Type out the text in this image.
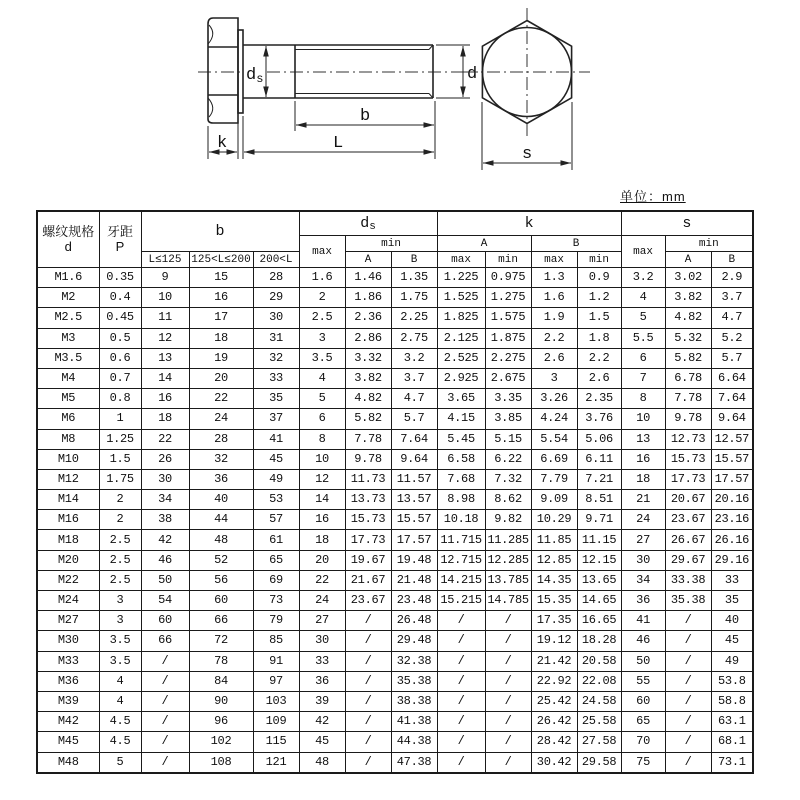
ds	d
b
k	L
s
单位：mm
螺纹规格
d	牙距
P	b			ds			k				s		
					max	min		A		B		max	min	
		L≤125	125<L≤200	200<L		A	B	max	min	max	min		A	B
M1.6	0.35	9	15	28	1.6	1.46	1.35	1.225	0.975	1.3	0.9	3.2	3.02	2.9
M2	0.4	10	16	29	2	1.86	1.75	1.525	1.275	1.6	1.2	4	3.82	3.7
M2.5	0.45	11	17	30	2.5	2.36	2.25	1.825	1.575	1.9	1.5	5	4.82	4.7
M3	0.5	12	18	31	3	2.86	2.75	2.125	1.875	2.2	1.8	5.5	5.32	5.2
M3.5	0.6	13	19	32	3.5	3.32	3.2	2.525	2.275	2.6	2.2	6	5.82	5.7
M4	0.7	14	20	33	4	3.82	3.7	2.925	2.675	3	2.6	7	6.78	6.64
M5	0.8	16	22	35	5	4.82	4.7	3.65	3.35	3.26	2.35	8	7.78	7.64
M6	1	18	24	37	6	5.82	5.7	4.15	3.85	4.24	3.76	10	9.78	9.64
M8	1.25	22	28	41	8	7.78	7.64	5.45	5.15	5.54	5.06	13	12.73	12.57
M10	1.5	26	32	45	10	9.78	9.64	6.58	6.22	6.69	6.11	16	15.73	15.57
M12	1.75	30	36	49	12	11.73	11.57	7.68	7.32	7.79	7.21	18	17.73	17.57
M14	2	34	40	53	14	13.73	13.57	8.98	8.62	9.09	8.51	21	20.67	20.16
M16	2	38	44	57	16	15.73	15.57	10.18	9.82	10.29	9.71	24	23.67	23.16
M18	2.5	42	48	61	18	17.73	17.57	11.715	11.285	11.85	11.15	27	26.67	26.16
M20	2.5	46	52	65	20	19.67	19.48	12.715	12.285	12.85	12.15	30	29.67	29.16
M22	2.5	50	56	69	22	21.67	21.48	14.215	13.785	14.35	13.65	34	33.38	33
M24	3	54	60	73	24	23.67	23.48	15.215	14.785	15.35	14.65	36	35.38	35
M27	3	60	66	79	27	/	26.48	/	/	17.35	16.65	41	/	40
M30	3.5	66	72	85	30	/	29.48	/	/	19.12	18.28	46	/	45
M33	3.5	/	78	91	33	/	32.38	/	/	21.42	20.58	50	/	49
M36	4	/	84	97	36	/	35.38	/	/	22.92	22.08	55	/	53.8
M39	4	/	90	103	39	/	38.38	/	/	25.42	24.58	60	/	58.8
M42	4.5	/	96	109	42	/	41.38	/	/	26.42	25.58	65	/	63.1
M45	4.5	/	102	115	45	/	44.38	/	/	28.42	27.58	70	/	68.1
M48	5	/	108	121	48	/	47.38	/	/	30.42	29.58	75	/	73.1
